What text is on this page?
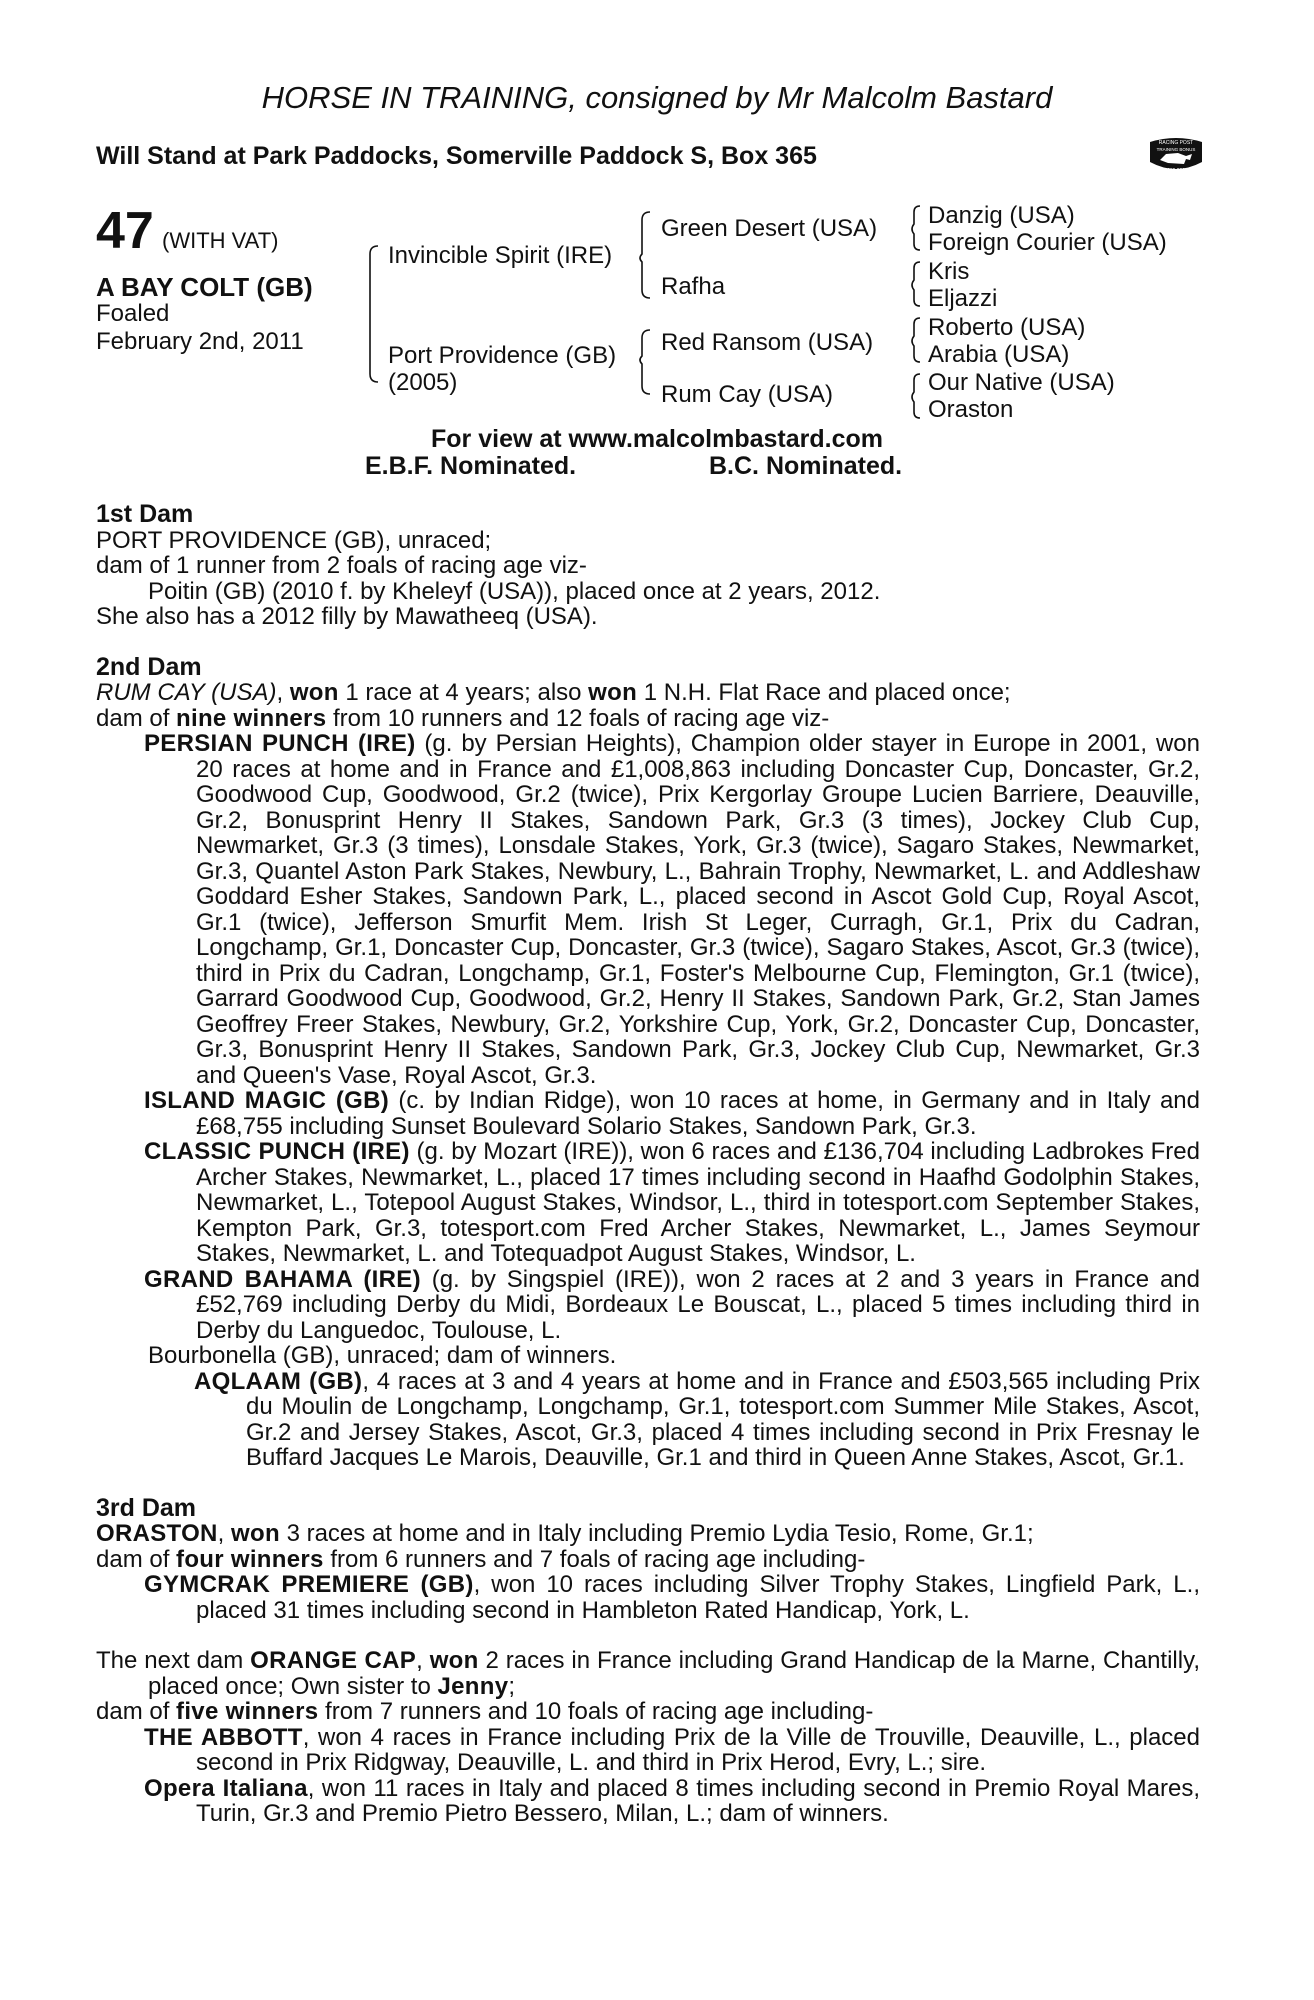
HORSE IN TRAINING, consigned by Mr Malcolm Bastard
Will Stand at Park Paddocks, Somerville Paddock S, Box 365	RACING POST
TRAINING BONUS
£10,000
47 (WITH VAT)
A BAY COLT (GB)
Foaled
February 2nd, 2011
Invincible Spirit (IRE)
Port Providence (GB)
(2005)
Green Desert (USA)
Rafha
Red Ransom (USA)
Rum Cay (USA)
Danzig (USA)
Foreign Courier (USA)
Kris
Eljazzi
Roberto (USA)
Arabia (USA)
Our Native (USA)
Oraston
For view at www.malcolmbastard.com
E.B.F. Nominated.	B.C. Nominated.

1st Dam

PORT PROVIDENCE (GB), unraced;

dam of 1 runner from 2 foals of racing age viz-

Poitin (GB) (2010 f. by Kheleyf (USA)), placed once at 2 years, 2012.

She also has a 2012 filly by Mawatheeq (USA).

2nd Dam

RUM CAY (USA), won 1 race at 4 years; also won 1 N.H. Flat Race and placed once;

dam of nine winners from 10 runners and 12 foals of racing age viz-

PERSIAN PUNCH (IRE) (g. by Persian Heights), Champion older stayer in Europe in 2001, won 20 races at home and in France and £1,008,863 including Doncaster Cup, Doncaster, Gr.2, Goodwood Cup, Goodwood, Gr.2 (twice), Prix Kergorlay Groupe Lucien Barriere, Deauville, Gr.2, Bonusprint Henry II Stakes, Sandown Park, Gr.3 (3 times), Jockey Club Cup, Newmarket, Gr.3 (3 times), Lonsdale Stakes, York, Gr.3 (twice), Sagaro Stakes, Newmarket, Gr.3, Quantel Aston Park Stakes, Newbury, L., Bahrain Trophy, Newmarket, L. and Addleshaw Goddard Esher Stakes, Sandown Park, L., placed second in Ascot Gold Cup, Royal Ascot, Gr.1 (twice), Jefferson Smurfit Mem. Irish St Leger, Curragh, Gr.1, Prix du Cadran, Longchamp, Gr.1, Doncaster Cup, Doncaster, Gr.3 (twice), Sagaro Stakes, Ascot, Gr.3 (twice), third in Prix du Cadran, Longchamp, Gr.1, Foster's Melbourne Cup, Flemington, Gr.1 (twice), Garrard Goodwood Cup, Goodwood, Gr.2, Henry II Stakes, Sandown Park, Gr.2, Stan James Geoffrey Freer Stakes, Newbury, Gr.2, Yorkshire Cup, York, Gr.2, Doncaster Cup, Doncaster, Gr.3, Bonusprint Henry II Stakes, Sandown Park, Gr.3, Jockey Club Cup, Newmarket, Gr.3 and Queen's Vase, Royal Ascot, Gr.3.

ISLAND MAGIC (GB) (c. by Indian Ridge), won 10 races at home, in Germany and in Italy and £68,755 including Sunset Boulevard Solario Stakes, Sandown Park, Gr.3.

CLASSIC PUNCH (IRE) (g. by Mozart (IRE)), won 6 races and £136,704 including Ladbrokes Fred Archer Stakes, Newmarket, L., placed 17 times including second in Haafhd Godolphin Stakes, Newmarket, L., Totepool August Stakes, Windsor, L., third in totesport.com September Stakes, Kempton Park, Gr.3, totesport.com Fred Archer Stakes, Newmarket, L., James Seymour Stakes, Newmarket, L. and Totequadpot August Stakes, Windsor, L.

GRAND BAHAMA (IRE) (g. by Singspiel (IRE)), won 2 races at 2 and 3 years in France and £52,769 including Derby du Midi, Bordeaux Le Bouscat, L., placed 5 times including third in Derby du Languedoc, Toulouse, L.

Bourbonella (GB), unraced; dam of winners.

AQLAAM (GB), 4 races at 3 and 4 years at home and in France and £503,565 including Prix du Moulin de Longchamp, Longchamp, Gr.1, totesport.com Summer Mile Stakes, Ascot, Gr.2 and Jersey Stakes, Ascot, Gr.3, placed 4 times including second in Prix Fresnay le Buffard Jacques Le Marois, Deauville, Gr.1 and third in Queen Anne Stakes, Ascot, Gr.1.

3rd Dam

ORASTON, won 3 races at home and in Italy including Premio Lydia Tesio, Rome, Gr.1;

dam of four winners from 6 runners and 7 foals of racing age including-

GYMCRAK PREMIERE (GB), won 10 races including Silver Trophy Stakes, Lingfield Park, L., placed 31 times including second in Hambleton Rated Handicap, York, L.

The next dam ORANGE CAP, won 2 races in France including Grand Handicap de la Marne, Chantilly, placed once; Own sister to Jenny;

dam of five winners from 7 runners and 10 foals of racing age including-

THE ABBOTT, won 4 races in France including Prix de la Ville de Trouville, Deauville, L., placed second in Prix Ridgway, Deauville, L. and third in Prix Herod, Evry, L.; sire.

Opera Italiana, won 11 races in Italy and placed 8 times including second in Premio Royal Mares, Turin, Gr.3 and Premio Pietro Bessero, Milan, L.; dam of winners.
